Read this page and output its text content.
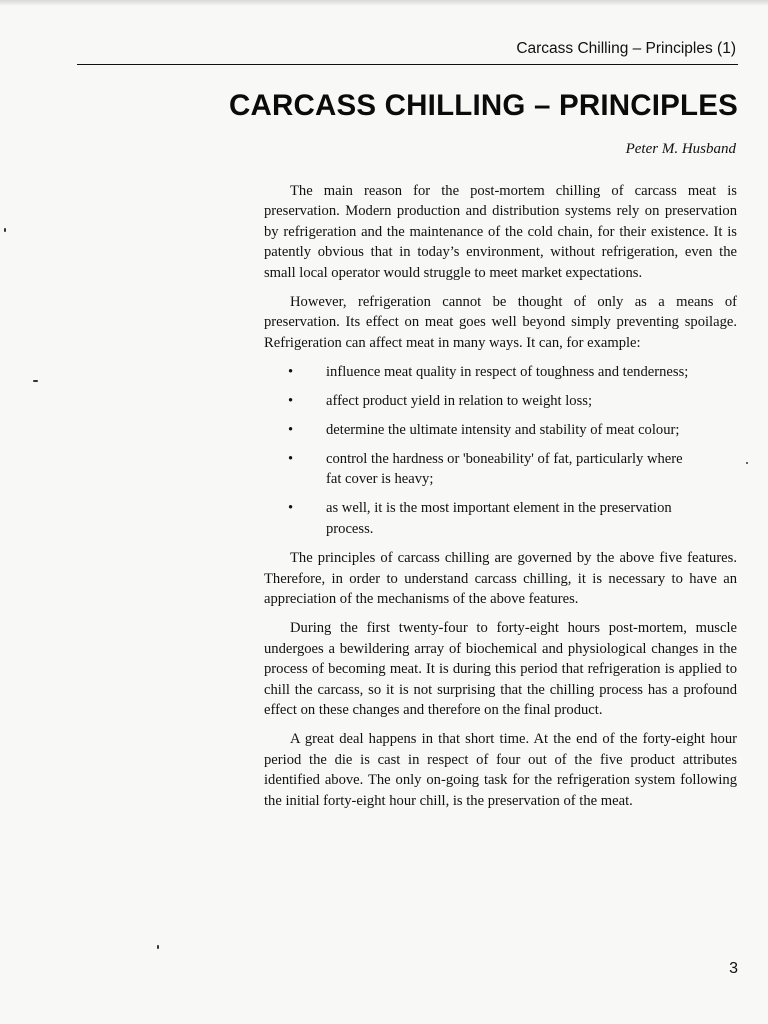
Carcass Chilling – Principles (1)
CARCASS CHILLING – PRINCIPLES
Peter M. Husband

The main reason for the post-mortem chilling of carcass meat is preservation. Modern production and distribution systems rely on preservation by refrigeration and the maintenance of the cold chain, for their existence. It is patently obvious that in today’s environment, without refrigeration, even the small local operator would struggle to meet market expectations.

However, refrigeration cannot be thought of only as a means of preservation. Its effect on meat goes well beyond simply preventing spoilage. Refrigeration can affect meat in many ways. It can, for example:

• influence meat quality in respect of toughness and tenderness;
• affect product yield in relation to weight loss;
• determine the ultimate intensity and stability of meat colour;
• control the hardness or 'boneability' of fat, particularly where fat cover is heavy;
• as well, it is the most important element in the preservation process.

The principles of carcass chilling are governed by the above five features. Therefore, in order to understand carcass chilling, it is necessary to have an appreciation of the mechanisms of the above features.

During the first twenty-four to forty-eight hours post-mortem, muscle undergoes a bewildering array of biochemical and physiological changes in the process of becoming meat. It is during this period that refrigeration is applied to chill the carcass, so it is not surprising that the chilling process has a profound effect on these changes and therefore on the final product.

A great deal happens in that short time. At the end of the forty-eight hour period the die is cast in respect of four out of the five product attributes identified above. The only on-going task for the refrigeration system following the initial forty-eight hour chill, is the preservation of the meat.

3
